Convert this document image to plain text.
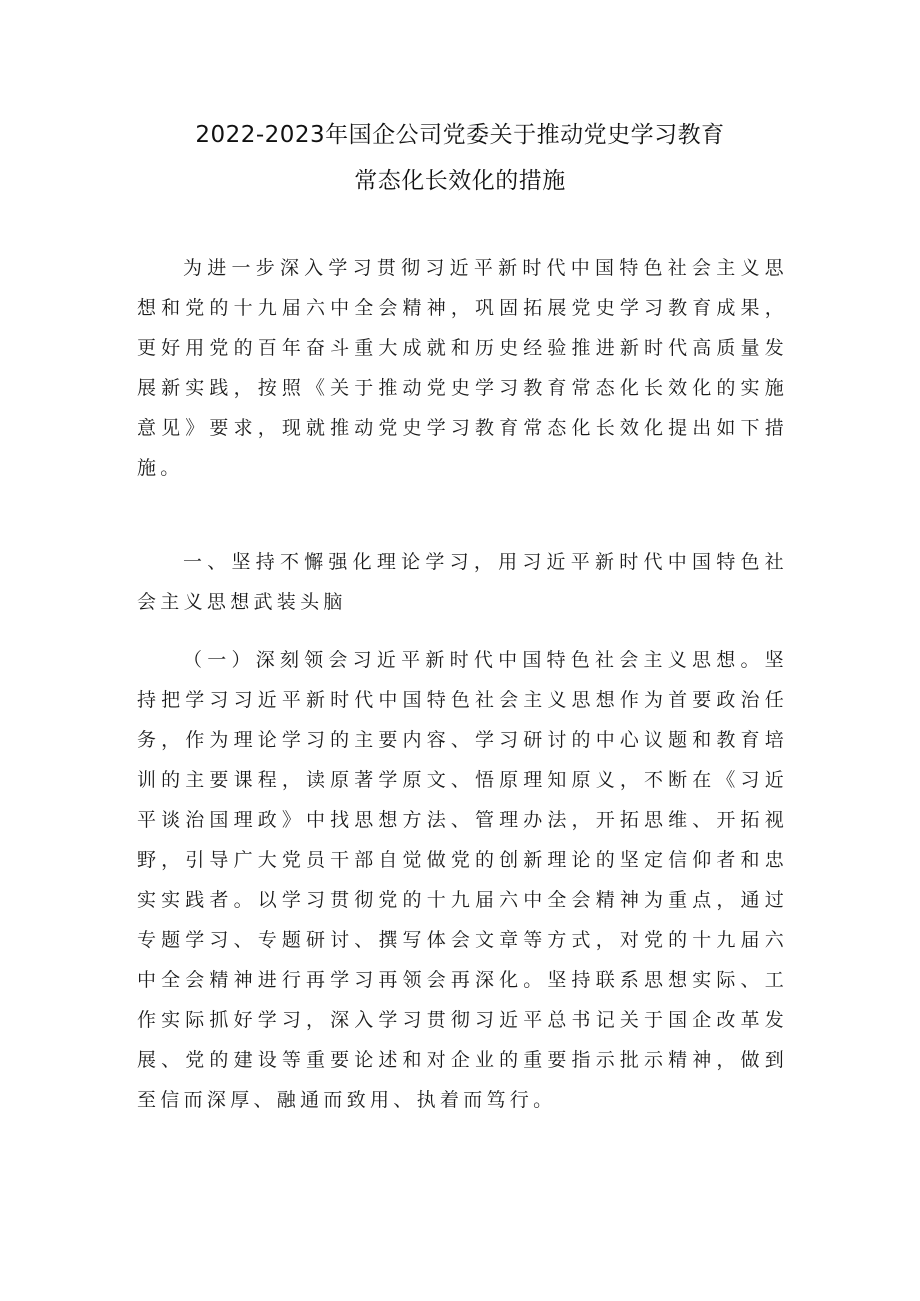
2022-2023年国企公司党委关于推动党史学习教育
常态化长效化的措施

为进一步深入学习贯彻习近平新时代中国特色社会主义思想和党的十九届六中全会精神，巩固拓展党史学习教育成果，更好用党的百年奋斗重大成就和历史经验推进新时代高质量发展新实践，按照《关于推动党史学习教育常态化长效化的实施意见》要求，现就推动党史学习教育常态化长效化提出如下措施。

一、坚持不懈强化理论学习，用习近平新时代中国特色社会主义思想武装头脑

（一）深刻领会习近平新时代中国特色社会主义思想。坚持把学习习近平新时代中国特色社会主义思想作为首要政治任务，作为理论学习的主要内容、学习研讨的中心议题和教育培训的主要课程，读原著学原文、悟原理知原义，不断在《习近平谈治国理政》中找思想方法、管理办法，开拓思维、开拓视野，引导广大党员干部自觉做党的创新理论的坚定信仰者和忠实实践者。以学习贯彻党的十九届六中全会精神为重点，通过专题学习、专题研讨、撰写体会文章等方式，对党的十九届六中全会精神进行再学习再领会再深化。坚持联系思想实际、工作实际抓好学习，深入学习贯彻习近平总书记关于国企改革发展、党的建设等重要论述和对企业的重要指示批示精神，做到至信而深厚、融通而致用、执着而笃行。
